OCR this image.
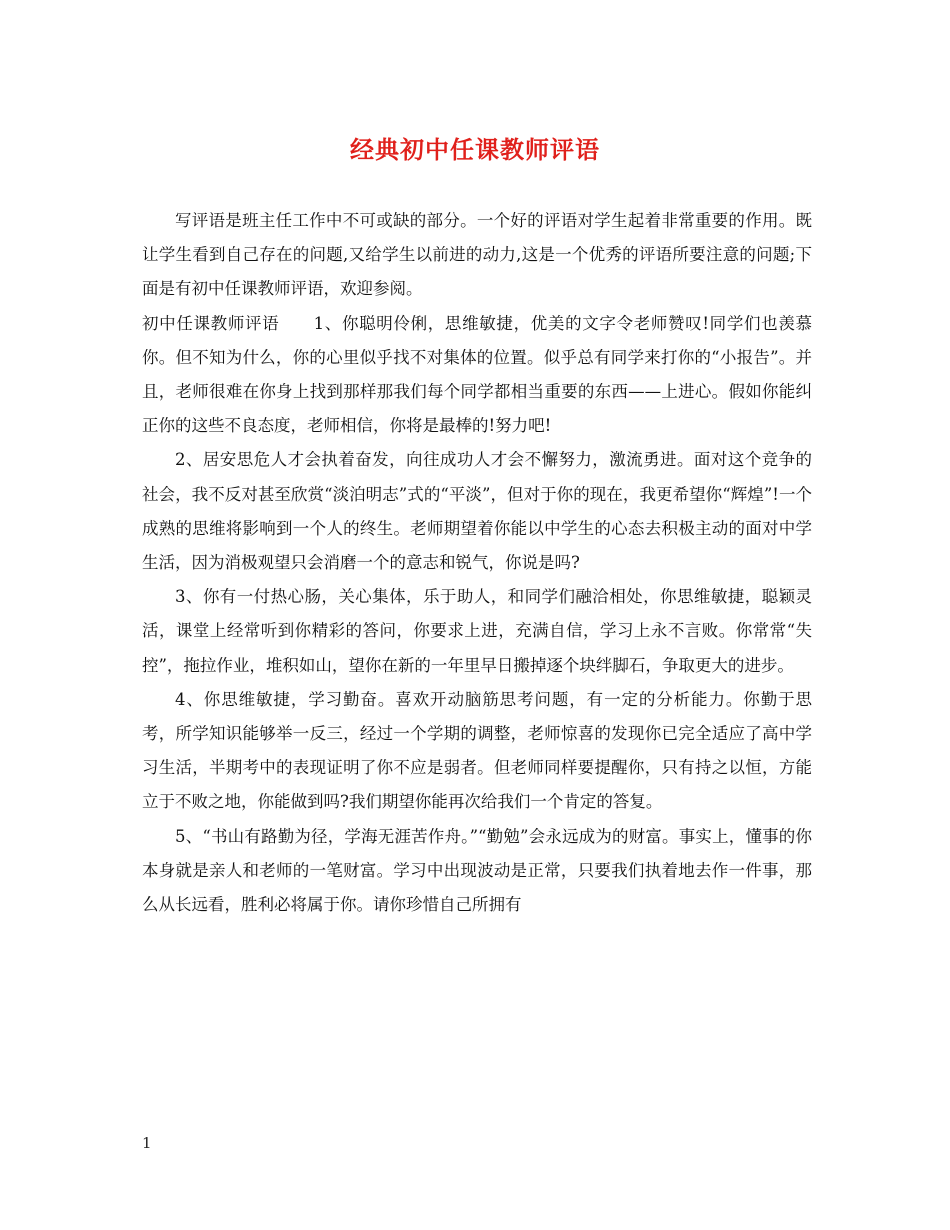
经典初中任课教师评语

写评语是班主任工作中不可或缺的部分。一个好的评语对学生起着非常重要的作用。既让学生看到自己存在的问题,又给学生以前进的动力,这是一个优秀的评语所要注意的问题;下面是有初中任课教师评语，欢迎参阅。

初中任课教师评语　　1、你聪明伶俐，思维敏捷，优美的文字令老师赞叹!同学们也羡慕你。但不知为什么，你的心里似乎找不对集体的位置。似乎总有同学来打你的“小报告”。并且，老师很难在你身上找到那样那我们每个同学都相当重要的东西——上进心。假如你能纠正你的这些不良态度，老师相信，你将是最棒的!努力吧!

2、居安思危人才会执着奋发，向往成功人才会不懈努力，激流勇进。面对这个竞争的社会，我不反对甚至欣赏“淡泊明志”式的“平淡”，但对于你的现在，我更希望你“辉煌”!一个成熟的思维将影响到一个人的终生。老师期望着你能以中学生的心态去积极主动的面对中学生活，因为消极观望只会消磨一个的意志和锐气，你说是吗?

3、你有一付热心肠，关心集体，乐于助人，和同学们融洽相处，你思维敏捷，聪颖灵活，课堂上经常听到你精彩的答问，你要求上进，充满自信，学习上永不言败。你常常“失控”，拖拉作业，堆积如山，望你在新的一年里早日搬掉逐个块绊脚石，争取更大的进步。

4、你思维敏捷，学习勤奋。喜欢开动脑筋思考问题，有一定的分析能力。你勤于思考，所学知识能够举一反三，经过一个学期的调整，老师惊喜的发现你已完全适应了高中学习生活，半期考中的表现证明了你不应是弱者。但老师同样要提醒你，只有持之以恒，方能立于不败之地，你能做到吗?我们期望你能再次给我们一个肯定的答复。

5、“书山有路勤为径，学海无涯苦作舟。”“勤勉”会永远成为的财富。事实上，懂事的你本身就是亲人和老师的一笔财富。学习中出现波动是正常，只要我们执着地去作一件事，那么从长远看，胜利必将属于你。请你珍惜自己所拥有

1
